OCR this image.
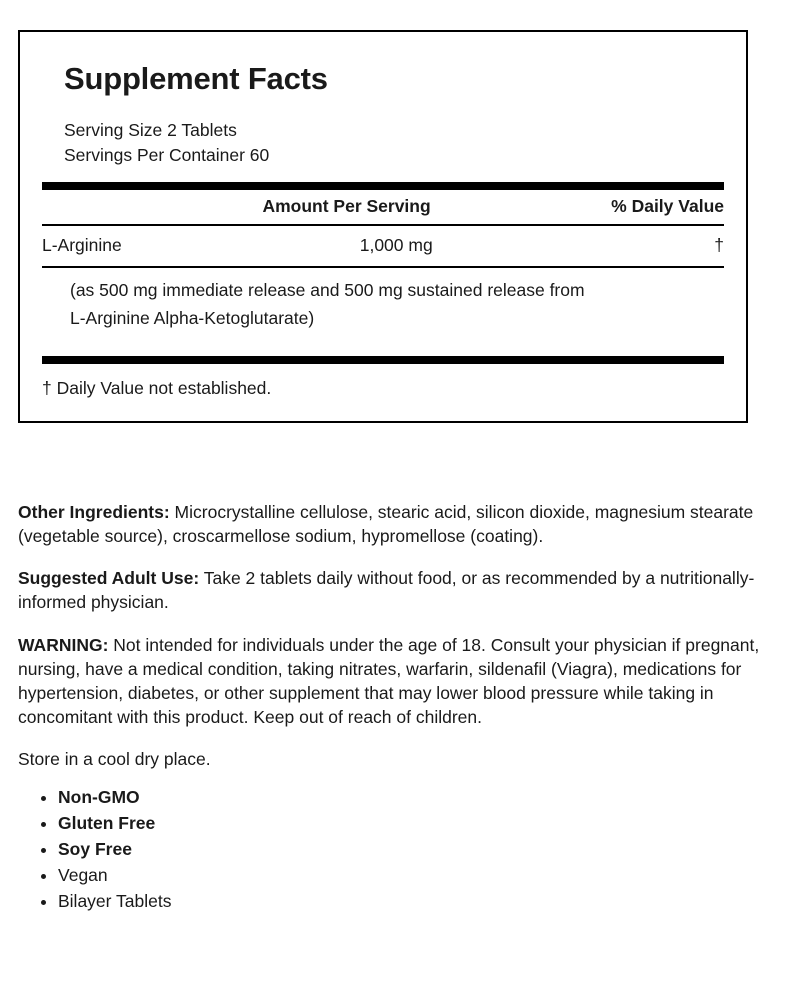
Supplement Facts
Serving Size 2 Tablets
Servings Per Container 60
Amount Per Serving	% Daily Value
L-Arginine	1,000 mg	†
(as 500 mg immediate release and 500 mg sustained release from L-Arginine Alpha-Ketoglutarate)
† Daily Value not established.

Other Ingredients: Microcrystalline cellulose, stearic acid, silicon dioxide, magnesium stearate (vegetable source), croscarmellose sodium, hypromellose (coating).

Suggested Adult Use: Take 2 tablets daily without food, or as recommended by a nutritionally-informed physician.

WARNING: Not intended for individuals under the age of 18. Consult your physician if pregnant, nursing, have a medical condition, taking nitrates, warfarin, sildenafil (Viagra), medications for hypertension, diabetes, or other supplement that may lower blood pressure while taking in concomitant with this product. Keep out of reach of children.

Store in a cool dry place.

• Non-GMO
• Gluten Free
• Soy Free
• Vegan
• Bilayer Tablets
